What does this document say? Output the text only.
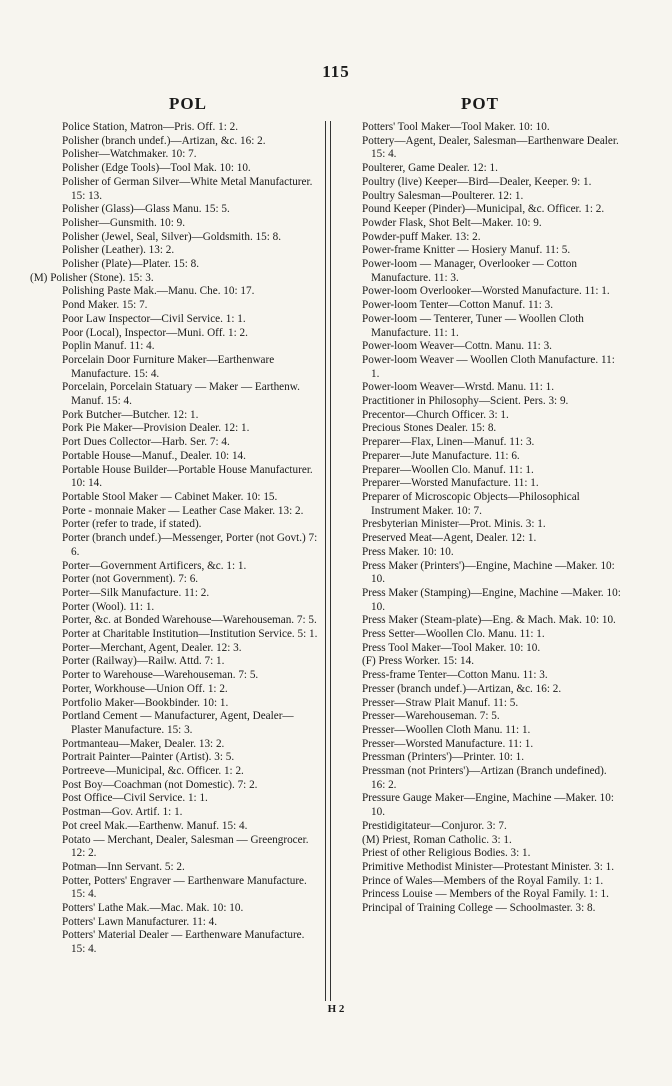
115
POL	POT

Police Station, Matron—Pris. Off. 1: 2.

Polisher (branch undef.)—Artizan, &c. 16: 2.

Polisher—Watchmaker. 10: 7.

Polisher (Edge Tools)—Tool Mak. 10: 10.

Polisher of German Silver—White Metal Manufacturer. 15: 13.

Polisher (Glass)—Glass Manu. 15: 5.

Polisher—Gunsmith. 10: 9.

Polisher (Jewel, Seal, Silver)—Goldsmith. 15: 8.

Polisher (Leather). 13: 2.

Polisher (Plate)—Plater. 15: 8.

(M) Polisher (Stone). 15: 3.

Polishing Paste Mak.—Manu. Che. 10: 17.

Pond Maker. 15: 7.

Poor Law Inspector—Civil Service. 1: 1.

Poor (Local), Inspector—Muni. Off. 1: 2.

Poplin Manuf. 11: 4.

Porcelain Door Furniture Maker—Earthenware Manufacture. 15: 4.

Porcelain, Porcelain Statuary — Maker — Earthenw. Manuf. 15: 4.

Pork Butcher—Butcher. 12: 1.

Pork Pie Maker—Provision Dealer. 12: 1.

Port Dues Collector—Harb. Ser. 7: 4.

Portable House—Manuf., Dealer. 10: 14.

Portable House Builder—Portable House Manufacturer. 10: 14.

Portable Stool Maker — Cabinet Maker. 10: 15.

Porte - monnaie Maker — Leather Case Maker. 13: 2.

Porter (refer to trade, if stated).

Porter (branch undef.)—Messenger, Porter (not Govt.) 7: 6.

Porter—Government Artificers, &c. 1: 1.

Porter (not Government). 7: 6.

Porter—Silk Manufacture. 11: 2.

Porter (Wool). 11: 1.

Porter, &c. at Bonded Warehouse—Warehouseman. 7: 5.

Porter at Charitable Institution—Institution Service. 5: 1.

Porter—Merchant, Agent, Dealer. 12: 3.

Porter (Railway)—Railw. Attd. 7: 1.

Porter to Warehouse—Warehouseman. 7: 5.

Porter, Workhouse—Union Off. 1: 2.

Portfolio Maker—Bookbinder. 10: 1.

Portland Cement — Manufacturer, Agent, Dealer—Plaster Manufacture. 15: 3.

Portmanteau—Maker, Dealer. 13: 2.

Portrait Painter—Painter (Artist). 3: 5.

Portreeve—Municipal, &c. Officer. 1: 2.

Post Boy—Coachman (not Domestic). 7: 2.

Post Office—Civil Service. 1: 1.

Postman—Gov. Artif. 1: 1.

Pot creel Mak.—Earthenw. Manuf. 15: 4.

Potato — Merchant, Dealer, Salesman — Greengrocer. 12: 2.

Potman—Inn Servant. 5: 2.

Potter, Potters' Engraver — Earthenware Manufacture. 15: 4.

Potters' Lathe Mak.—Mac. Mak. 10: 10.

Potters' Lawn Manufacturer. 11: 4.

Potters' Material Dealer — Earthenware Manufacture. 15: 4.

Potters' Tool Maker—Tool Maker. 10: 10.

Pottery—Agent, Dealer, Salesman—Earthenware Dealer. 15: 4.

Poulterer, Game Dealer. 12: 1.

Poultry (live) Keeper—Bird—Dealer, Keeper. 9: 1.

Poultry Salesman—Poulterer. 12: 1.

Pound Keeper (Pinder)—Municipal, &c. Officer. 1: 2.

Powder Flask, Shot Belt—Maker. 10: 9.

Powder-puff Maker. 13: 2.

Power-frame Knitter — Hosiery Manuf. 11: 5.

Power-loom — Manager, Overlooker — Cotton Manufacture. 11: 3.

Power-loom Overlooker—Worsted Manufacture. 11: 1.

Power-loom Tenter—Cotton Manuf. 11: 3.

Power-loom — Tenterer, Tuner — Woollen Cloth Manufacture. 11: 1.

Power-loom Weaver—Cottn. Manu. 11: 3.

Power-loom Weaver — Woollen Cloth Manufacture. 11: 1.

Power-loom Weaver—Wrstd. Manu. 11: 1.

Practitioner in Philosophy—Scient. Pers. 3: 9.

Precentor—Church Officer. 3: 1.

Precious Stones Dealer. 15: 8.

Preparer—Flax, Linen—Manuf. 11: 3.

Preparer—Jute Manufacture. 11: 6.

Preparer—Woollen Clo. Manuf. 11: 1.

Preparer—Worsted Manufacture. 11: 1.

Preparer of Microscopic Objects—Philosophical Instrument Maker. 10: 7.

Presbyterian Minister—Prot. Minis. 3: 1.

Preserved Meat—Agent, Dealer. 12: 1.

Press Maker. 10: 10.

Press Maker (Printers')—Engine, Machine —Maker. 10: 10.

Press Maker (Stamping)—Engine, Machine —Maker. 10: 10.

Press Maker (Steam-plate)—Eng. & Mach. Mak. 10: 10.

Press Setter—Woollen Clo. Manu. 11: 1.

Press Tool Maker—Tool Maker. 10: 10.

(F) Press Worker. 15: 14.

Press-frame Tenter—Cotton Manu. 11: 3.

Presser (branch undef.)—Artizan, &c. 16: 2.

Presser—Straw Plait Manuf. 11: 5.

Presser—Warehouseman. 7: 5.

Presser—Woollen Cloth Manu. 11: 1.

Presser—Worsted Manufacture. 11: 1.

Pressman (Printers')—Printer. 10: 1.

Pressman (not Printers')—Artizan (Branch undefined). 16: 2.

Pressure Gauge Maker—Engine, Machine —Maker. 10: 10.

Prestidigitateur—Conjuror. 3: 7.

(M) Priest, Roman Catholic. 3: 1.

Priest of other Religious Bodies. 3: 1.

Primitive Methodist Minister—Protestant Minister. 3: 1.

Prince of Wales—Members of the Royal Family. 1: 1.

Princess Louise — Members of the Royal Family. 1: 1.

Principal of Training College — Schoolmaster. 3: 8.

H 2
